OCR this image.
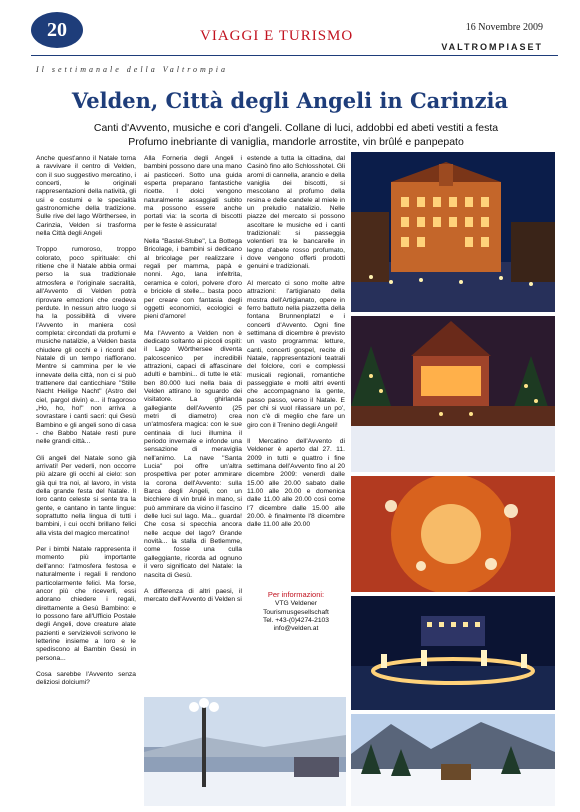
20	VIAGGI E TURISMO
16 Novembre 2009
VALTROMPIASET
Il settimanale della Valtrompia
Velden, Città degli Angeli in Carinzia
Canti d'Avvento, musiche e cori d'angeli. Collane di luci, addobbi ed abeti vestiti a festa
Profumo inebriante di vaniglia, mandorle arrostite, vin brûlé e panpepato

Anche quest'anno il Natale torna a ravvivare il centro di Velden, con il suo suggestivo mercatino, i concerti, le originali rappresentazioni della natività, gli usi e costumi e le specialità gastronomiche della tradizione. Sulle rive del lago Wörthersee, in Carinzia, Velden si trasforma nella Città degli Angeli

Troppo rumoroso, troppo colorato, poco spirituale: chi ritiene che il Natale abbia ormai perso la sua tradizionale atmosfera e l'originale sacralità, all'Avvento di Velden potrà riprovare emozioni che credeva perdute. In nessun altro luogo si ha la possibilità di vivere l'Avvento in maniera così completa: circondati da profumi e musiche natalizie, a Velden basta chiudere gli occhi e i ricordi del Natale di un tempo riaffiorano. Mentre si cammina per le vie innevate della città, non ci si può trattenere dal canticchiare "Stille Nacht Heilige Nacht" (Astro del ciel, pargol divin) e... il fragoroso „Ho, ho, ho!" non arriva a sovrastare i canti sacri: qui Gesù Bambino e gli angeli sono di casa - che Babbo Natale resti pure nelle grandi città...

Gli angeli del Natale sono già arrivati! Per vederli, non occorre più alzare gli occhi al cielo: son già qui tra noi, al lavoro, in vista della grande festa del Natale. Il loro canto celeste si sente tra la gente, e cantano in tante lingue: soprattutto nella lingua di tutti i bambini, i cui occhi brillano felici alla vista del magico mercatino!

Per i bimbi Natale rappresenta il momento più importante dell'anno: l'atmosfera festosa e naturalmente i regali li rendono particolarmente felici. Ma forse, ancor più che riceverli, essi adorano chiedere i regali, direttamente a Gesù Bambino: e lo possono fare all'Ufficio Postale degli Angeli, dove creature alate pazienti e servizievoli scrivono le letterine insieme a loro e le spediscono al Bambin Gesù in persona...

Cosa sarebbe l'Avvento senza deliziosi dolciumi?

Alla Forneria degli Angeli i bambini possono dare una mano ai pasticceri. Sotto una guida esperta preparano fantastiche ricette. I dolci vengono naturalmente assaggiati subito ma possono essere anche portati via: la scorta di biscotti per le feste è assicurata!

Nella "Bastel-Stube", La Bottega Bricolage, i bambini si dedicano al bricolage per realizzare i regali per mamma, papà e nonni. Ago, lana infeltrita, ceramica e colori, polvere d'oro e briciole di stelle... basta poco per creare con fantasia degli oggetti economici, ecologici e pieni d'amore!

Ma l'Avvento a Velden non è dedicato soltanto ai piccoli ospiti: il Lago Wörthersee diventa palcoscenico per incredibili attrazioni, capaci di affascinare adulti e bambini... di tutte le età: ben 80.000 luci nella baia di Velden attirano lo sguardo dei visitatore. La ghirlanda gallegiante dell'Avvento (25 metri di diametro) crea un'atmosfera magica: con le sue centinaia di luci illumina il periodo invernale e infonde una sensazione di meraviglia nell'animo. La nave "Santa Lucia" poi offre un'altra prospettiva per poter ammirare la corona dell'Avvento: sulla Barca degli Angeli, con un bicchiere di vin brulé in mano, si può ammirare da vicino il fascino delle luci sul lago. Ma... guarda! Che cosa si specchia ancora nelle acque del lago? Grande novità... la stalla di Betlemme, come fosse una culla galleggiante, ricorda ad ognuno il vero significato del Natale: la nascita di Gesù.

A differenza di altri paesi, il mercato dell'Avvento di Velden si

estende a tutta la cittadina, dal Casinò fino allo Schlosshotel. Gli aromi di cannella, arancio e della vaniglia dei biscotti, si mescolano al profumo della resina e delle candele al miele in un preludio natalizio. Nelle piazze del mercato si possono ascoltare le musiche ed i canti tradizionali: si passeggia volentieri tra le bancarelle in legno d'abete rosso profumato, dove vengono offerti prodotti genuini e tradizionali.

Al mercato ci sono molte altre attrazioni: l'artigianato della mostra dell'Artigianato, opere in ferro battuto nella piazzetta della fontana Brunnenplatzl e i concerti d'Avvento. Ogni fine settimana di dicembre è previsto un vasto programma: letture, canti, concerti gospel, recite di Natale, rappresentazioni teatrali del folclore, cori e complessi musicali regionali, romantiche passeggiate e molti altri eventi che accompagnano la gente, passo passo, verso il Natale. E per chi si vuol rilassare un po', non c'è di meglio che fare un giro con il Trenino degli Angeli!

Il Mercatino dell'Avvento di Veldener è aperto dal 27. 11. 2009 in tutti e quattro i fine settimana dell'Avvento fino al 20 dicembre 2009: venerdì dalle 15.00 alle 20.00 sabato dalle 11.00 alle 20.00 e domenica dalle 11.00 alle 20.00 così come l'7 dicembre dalle 15.00 alle 20.00. è finalmente l'8 dicembre dalle 11.00 alle 20.00

Per informazioni:
VTG Veldener
Tourismusgesellschaft
Tel. +43-(0)4274-2103
info@velden.at
